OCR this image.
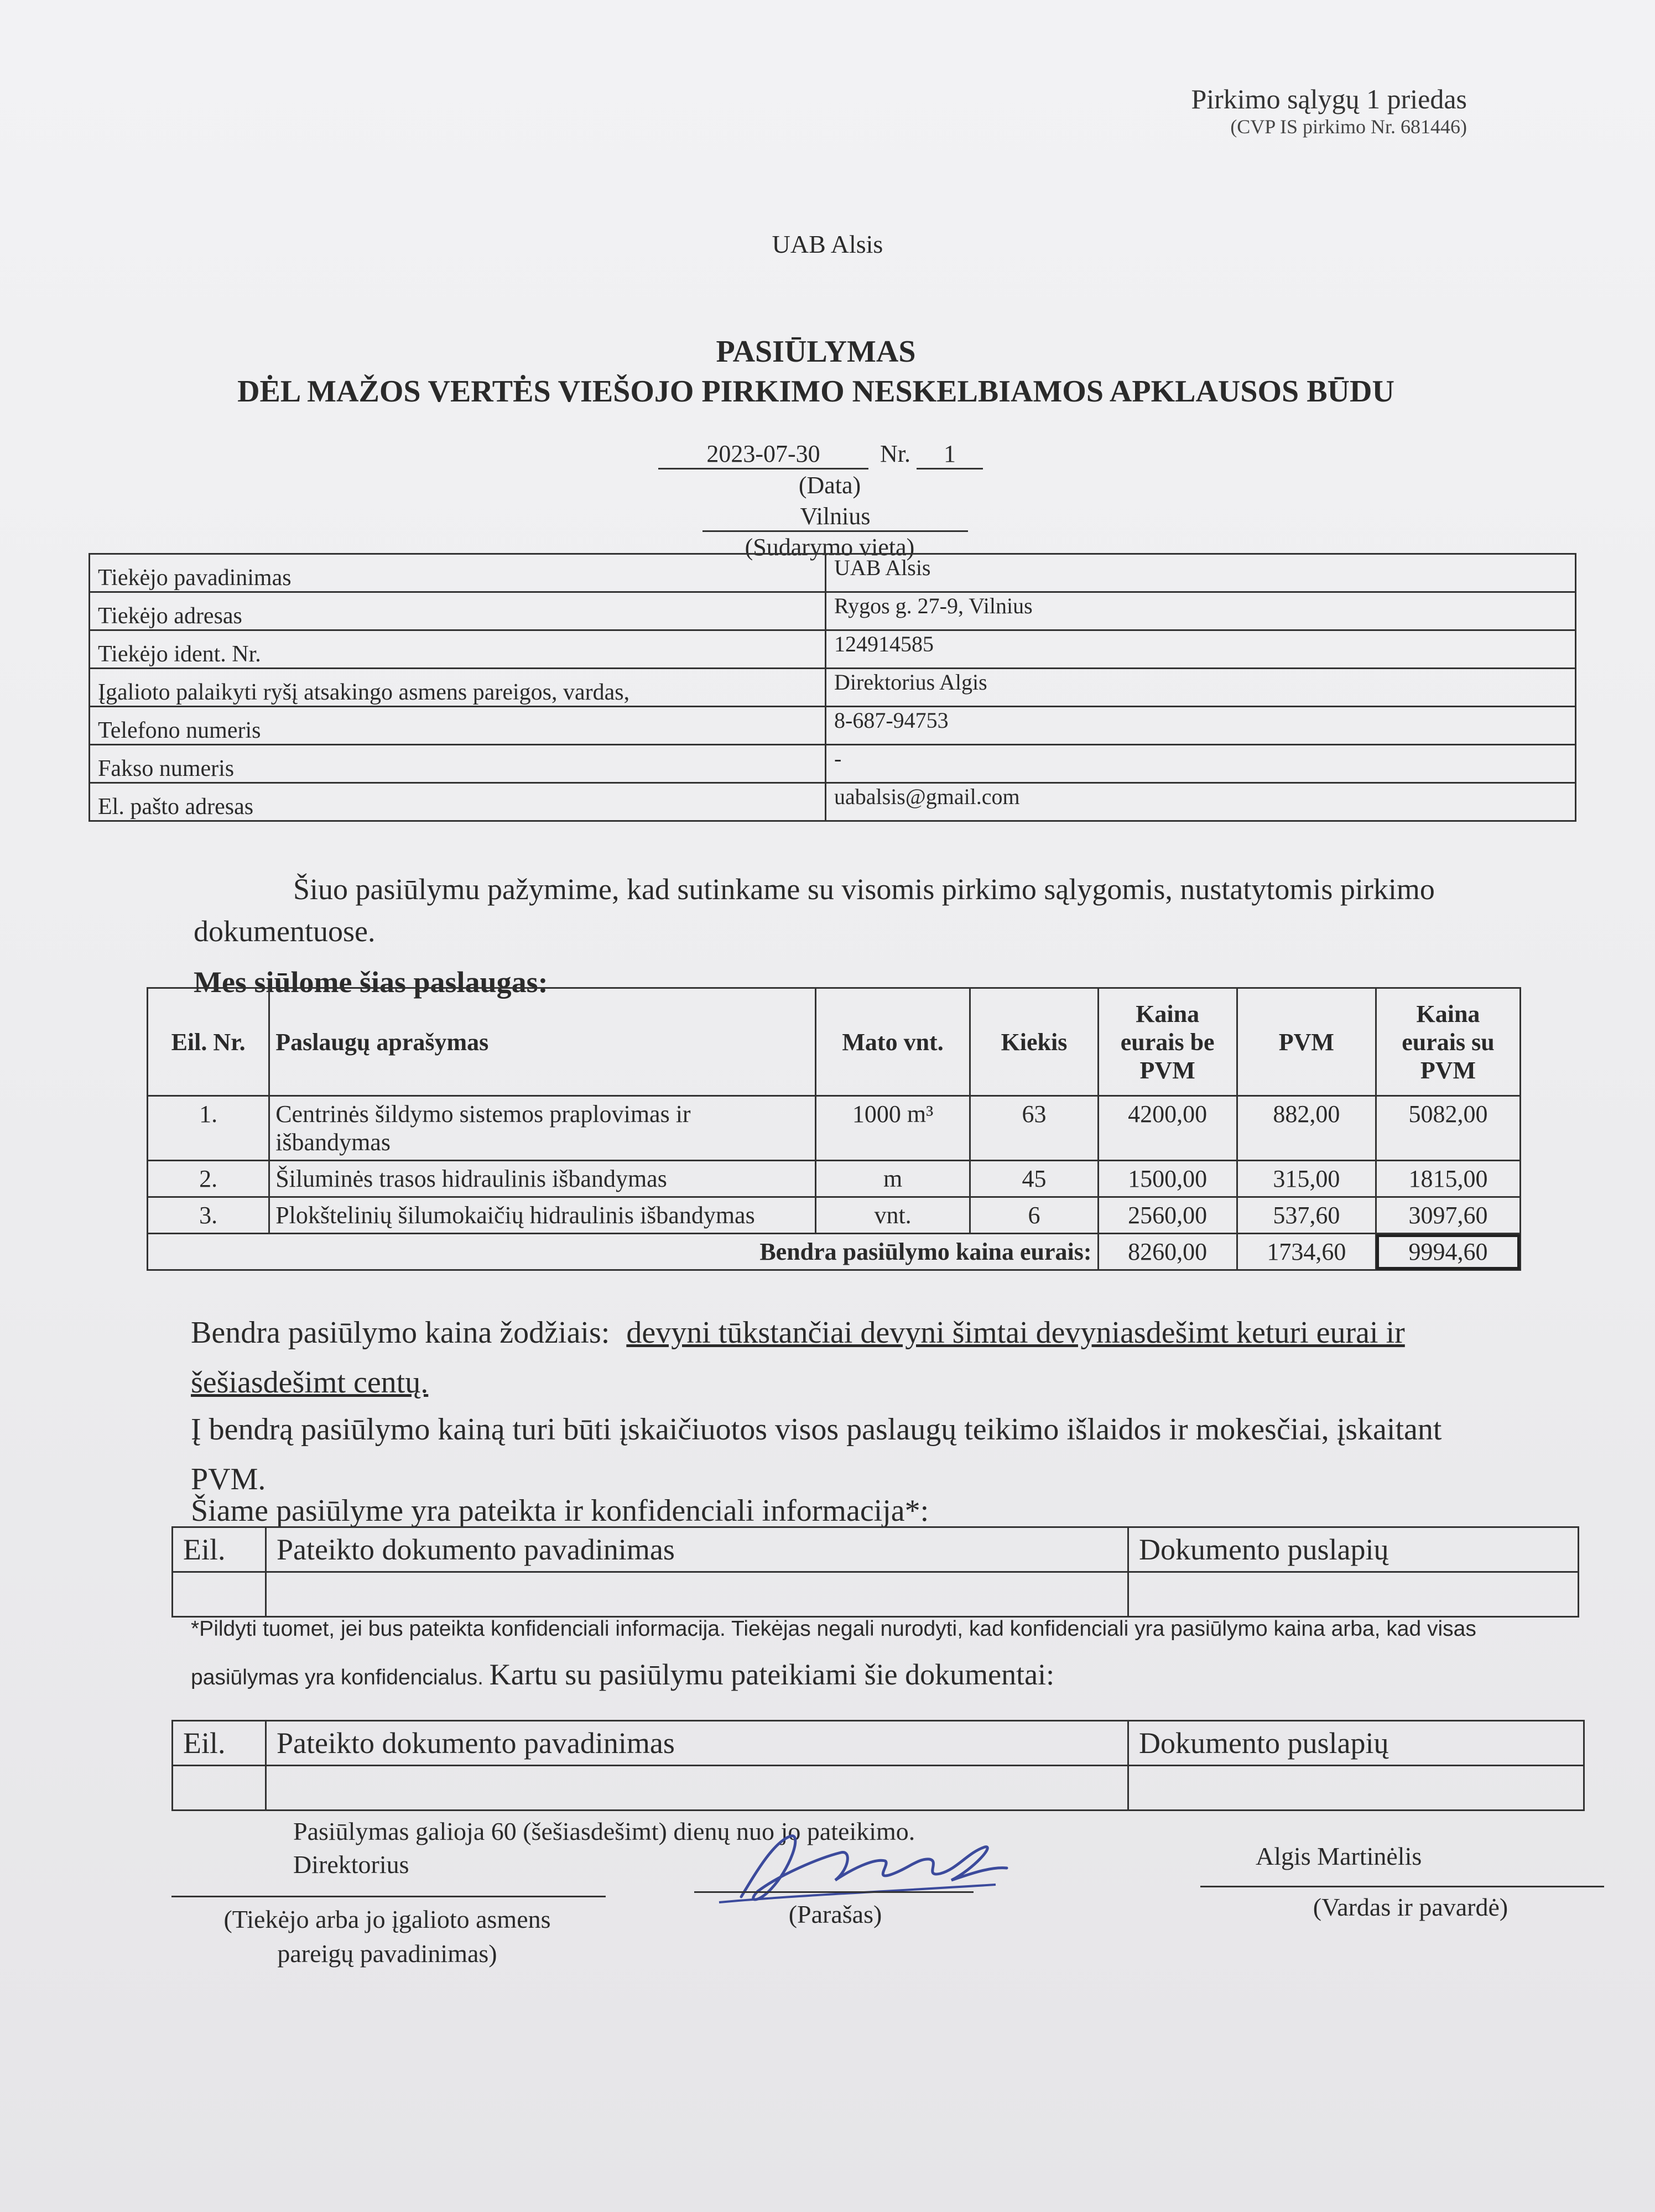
Pirkimo sąlygų 1 priedas
(CVP IS pirkimo Nr. 681446)
UAB Alsis
PASIŪLYMAS
DĖL MAŽOS VERTĖS VIEŠOJO PIRKIMO NESKELBIAMOS APKLAUSOS BŪDU
2023-07-30 Nr. 1
(Data)
Vilnius
(Sudarymo vieta)
Tiekėjo pavadinimas	UAB Alsis
Tiekėjo adresas	Rygos g. 27-9, Vilnius
Tiekėjo ident. Nr.	124914585
Įgalioto palaikyti ryšį atsakingo asmens pareigos, vardas,	Direktorius Algis
Telefono numeris	8-687-94753
Fakso numeris	-
El. pašto adresas	uabalsis@gmail.com
Šiuo pasiūlymu pažymime, kad sutinkame su visomis pirkimo sąlygomis, nustatytomis pirkimo dokumentuose.
Mes siūlome šias paslaugas:
Eil. Nr.	Paslaugų aprašymas	Mato vnt.	Kiekis	Kaina eurais be PVM	PVM	Kaina eurais su PVM
1.	Centrinės šildymo sistemos praplovimas ir išbandymas	1000 m³	63	4200,00	882,00	5082,00
2.	Šiluminės trasos hidraulinis išbandymas	m	45	1500,00	315,00	1815,00
3.	Plokštelinių šilumokaičių hidraulinis išbandymas	vnt.	6	2560,00	537,60	3097,60
Bendra pasiūlymo kaina eurais:				8260,00	1734,60	9994,60
Bendra pasiūlymo kaina žodžiais: devyni tūkstančiai devyni šimtai devyniasdešimt keturi eurai ir šešiasdešimt centų.
Į bendrą pasiūlymo kainą turi būti įskaičiuotos visos paslaugų teikimo išlaidos ir mokesčiai, įskaitant PVM.
Šiame pasiūlyme yra pateikta ir konfidenciali informacija*:
Eil.	Pateikto dokumento pavadinimas	Dokumento puslapių

*Pildyti tuomet, jei bus pateikta konfidenciali informacija. Tiekėjas negali nurodyti, kad konfidenciali yra pasiūlymo kaina arba, kad visas pasiūlymas yra konfidencialus. Kartu su pasiūlymu pateikiami šie dokumentai:
Eil.	Pateikto dokumento pavadinimas	Dokumento puslapių

Pasiūlymas galioja 60 (šešiasdešimt) dienų nuo jo pateikimo.
Direktorius	Algis Martinėlis
(Tiekėjo arba jo įgalioto asmens pareigų pavadinimas)
(Parašas)	(Vardas ir pavardė)
